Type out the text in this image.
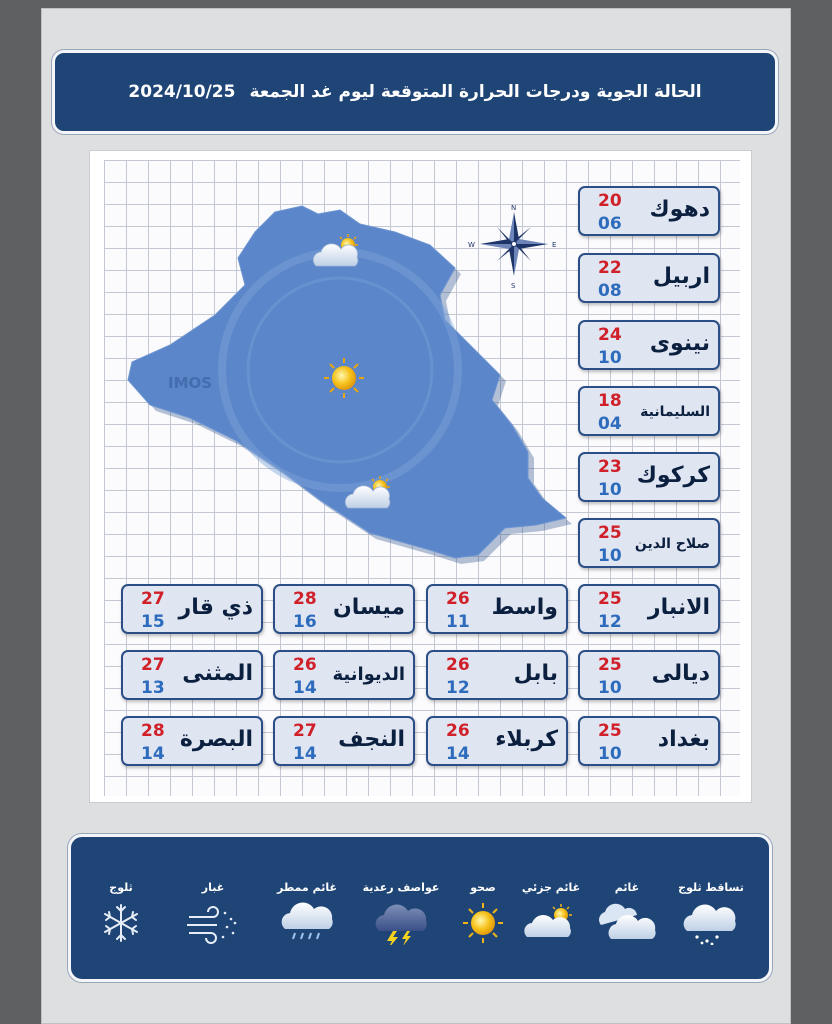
الحالة الجوية ودرجات الحرارة المتوقعة ليوم غد الجمعة
2024/10/25
IMOS
N
S
E
W
دهوك
20
06
اربيل
22
08
نينوى
24
10
السليمانية
18
04
كركوك
23
10
صلاح الدين
25
10
الانبار
25
12
واسط
26
11
ميسان
28
16
ذي قار
27
15
ديالى
25
10
بابل
26
12
الديوانية
26
14
المثنى
27
13
بغداد
25
10
كربلاء
26
14
النجف
27
14
البصرة
28
14
تساقط ثلوج
غائم
غائم جزئي
صحو
عواصف رعدية
غائم ممطر
غبار
ثلوج
